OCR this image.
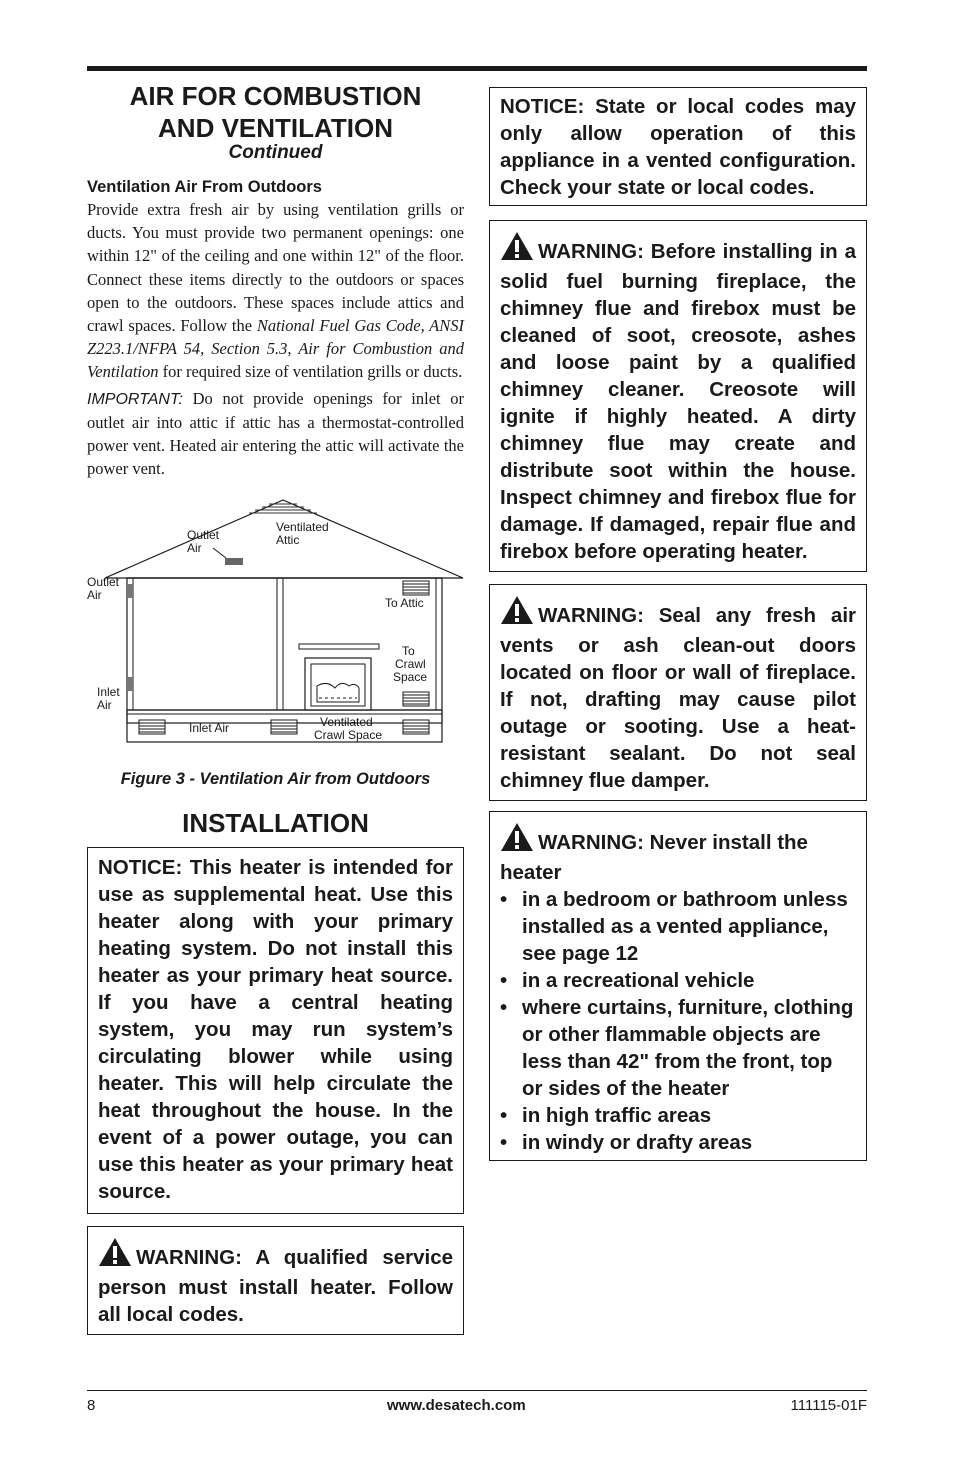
AIR FOR COMBUSTION
AND VENTILATION
Continued
Ventilation Air From Outdoors

Provide extra fresh air by using ventilation grills or ducts. You must provide two permanent openings: one within 12" of the ceiling and one within 12" of the floor. Connect these items directly to the outdoors or spaces open to the outdoors. These spaces include attics and crawl spaces. Follow the National Fuel Gas Code, ANSI Z223.1/NFPA 54, Section 5.3, Air for Combustion and Ventilation for required size of ventilation grills or ducts.

IMPORTANT: Do not provide openings for inlet or outlet air into attic if attic has a thermostat-controlled power vent. Heated air entering the attic will activate the power vent.

Outlet
Air
Ventilated
Attic
Outlet
Air
Inlet
Air
To Attic
To
Crawl
Space
Inlet Air	Ventilated
Crawl Space
Figure 3 - Ventilation Air from Outdoors
INSTALLATION
NOTICE: This heater is intended for use as supplemental heat. Use this heater along with your primary heating system. Do not install this heater as your primary heat source. If you have a central heating system, you may run system’s circulating blower while using heater. This will help circulate the heat throughout the house. In the event of a power outage, you can use this heater as your primary heat source.
WARNING: A qualified service person must install heater. Follow all local codes.
NOTICE: State or local codes may only allow operation of this appliance in a vented configuration. Check your state or local codes.
WARNING: Before installing in a solid fuel burning fireplace, the chimney flue and firebox must be cleaned of soot, creosote, ashes and loose paint by a qualified chimney cleaner. Creosote will ignite if highly heated. A dirty chimney flue may create and distribute soot within the house. Inspect chimney and firebox flue for damage. If damaged, repair flue and firebox before operating heater.
WARNING: Seal any fresh air vents or ash clean-out doors located on floor or wall of fireplace. If not, drafting may cause pilot outage or sooting. Use a heat-resistant sealant. Do not seal chimney flue damper.
WARNING: Never install the heater
• in a bedroom or bathroom unless installed as a vented appliance, see page 12
• in a recreational vehicle
• where curtains, furniture, clothing or other flammable objects are less than 42" from the front, top or sides of the heater
• in high traffic areas
• in windy or drafty areas
8	www.desatech.com	111115-01F
